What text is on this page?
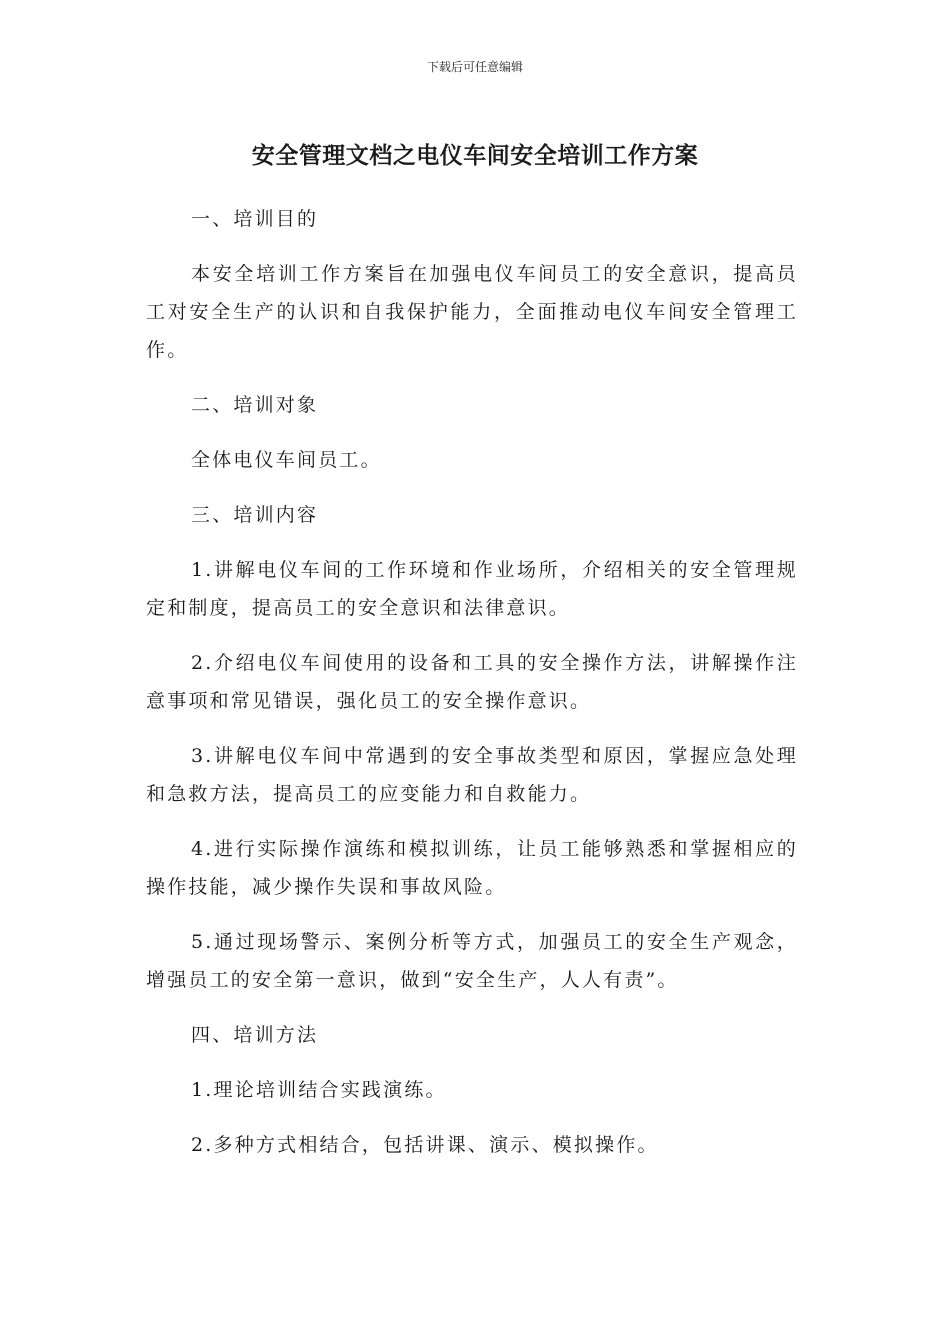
下载后可任意编辑
安全管理文档之电仪车间安全培训工作方案

一、培训目的

本安全培训工作方案旨在加强电仪车间员工的安全意识，提高员工对安全生产的认识和自我保护能力，全面推动电仪车间安全管理工作。

二、培训对象

全体电仪车间员工。

三、培训内容

1.讲解电仪车间的工作环境和作业场所，介绍相关的安全管理规定和制度，提高员工的安全意识和法律意识。

2.介绍电仪车间使用的设备和工具的安全操作方法，讲解操作注意事项和常见错误，强化员工的安全操作意识。

3.讲解电仪车间中常遇到的安全事故类型和原因，掌握应急处理和急救方法，提高员工的应变能力和自救能力。

4.进行实际操作演练和模拟训练，让员工能够熟悉和掌握相应的操作技能，减少操作失误和事故风险。

5.通过现场警示、案例分析等方式，加强员工的安全生产观念，增强员工的安全第一意识，做到“安全生产，人人有责”。

四、培训方法

1.理论培训结合实践演练。

2.多种方式相结合，包括讲课、演示、模拟操作。
